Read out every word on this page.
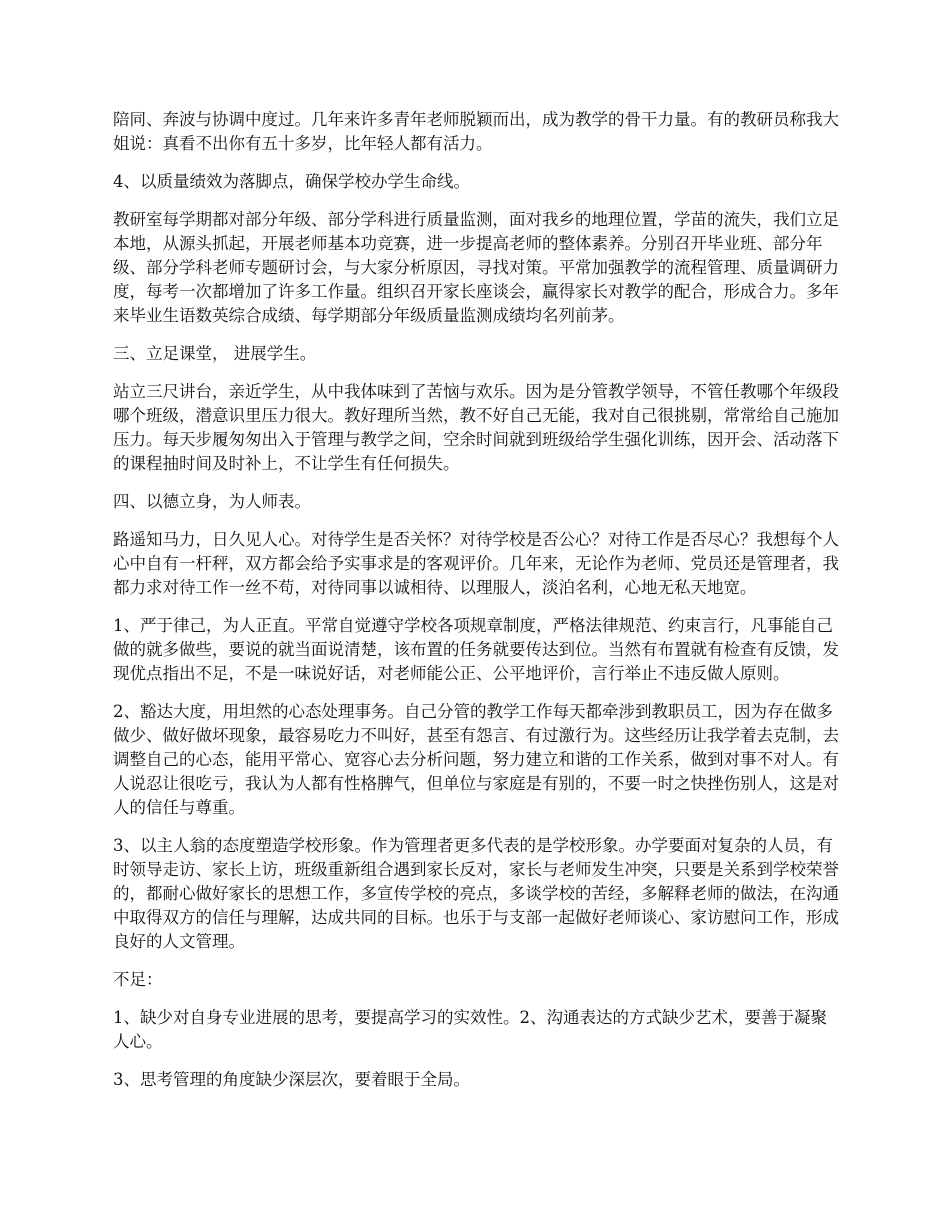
陪同、奔波与协调中度过。几年来许多青年老师脱颖而出，成为教学的骨干力量。有的教研员称我大姐说：真看不出你有五十多岁，比年轻人都有活力。

4、以质量绩效为落脚点，确保学校办学生命线。

教研室每学期都对部分年级、部分学科进行质量监测，面对我乡的地理位置，学苗的流失，我们立足本地，从源头抓起，开展老师基本功竞赛，进一步提高老师的整体素养。分别召开毕业班、部分年级、部分学科老师专题研讨会，与大家分析原因，寻找对策。平常加强教学的流程管理、质量调研力度，每考一次都增加了许多工作量。组织召开家长座谈会，赢得家长对教学的配合，形成合力。多年来毕业生语数英综合成绩、每学期部分年级质量监测成绩均名列前茅。

三、立足课堂， 进展学生。

站立三尺讲台，亲近学生，从中我体味到了苦恼与欢乐。因为是分管教学领导，不管任教哪个年级段哪个班级，潜意识里压力很大。教好理所当然，教不好自己无能，我对自己很挑剔，常常给自己施加压力。每天步履匆匆出入于管理与教学之间，空余时间就到班级给学生强化训练，因开会、活动落下的课程抽时间及时补上，不让学生有任何损失。

四、以德立身，为人师表。

路遥知马力，日久见人心。对待学生是否关怀？对待学校是否公心？对待工作是否尽心？我想每个人心中自有一杆秤，双方都会给予实事求是的客观评价。几年来，无论作为老师、党员还是管理者，我都力求对待工作一丝不苟，对待同事以诚相待、以理服人，淡泊名利，心地无私天地宽。

1、严于律己，为人正直。平常自觉遵守学校各项规章制度，严格法律规范、约束言行，凡事能自己做的就多做些，要说的就当面说清楚，该布置的任务就要传达到位。当然有布置就有检查有反馈，发现优点指出不足，不是一味说好话，对老师能公正、公平地评价，言行举止不违反做人原则。

2、豁达大度，用坦然的心态处理事务。自己分管的教学工作每天都牵涉到教职员工，因为存在做多做少、做好做坏现象，最容易吃力不叫好，甚至有怨言、有过激行为。这些经历让我学着去克制，去调整自己的心态，能用平常心、宽容心去分析问题，努力建立和谐的工作关系，做到对事不对人。有人说忍让很吃亏，我认为人都有性格脾气，但单位与家庭是有别的，不要一时之快挫伤别人，这是对人的信任与尊重。

3、以主人翁的态度塑造学校形象。作为管理者更多代表的是学校形象。办学要面对复杂的人员，有时领导走访、家长上访，班级重新组合遇到家长反对，家长与老师发生冲突，只要是关系到学校荣誉的，都耐心做好家长的思想工作，多宣传学校的亮点，多谈学校的苦经，多解释老师的做法，在沟通中取得双方的信任与理解，达成共同的目标。也乐于与支部一起做好老师谈心、家访慰问工作，形成良好的人文管理。

不足：

1、缺少对自身专业进展的思考，要提高学习的实效性。2、沟通表达的方式缺少艺术，要善于凝聚人心。

3、思考管理的角度缺少深层次，要着眼于全局。
